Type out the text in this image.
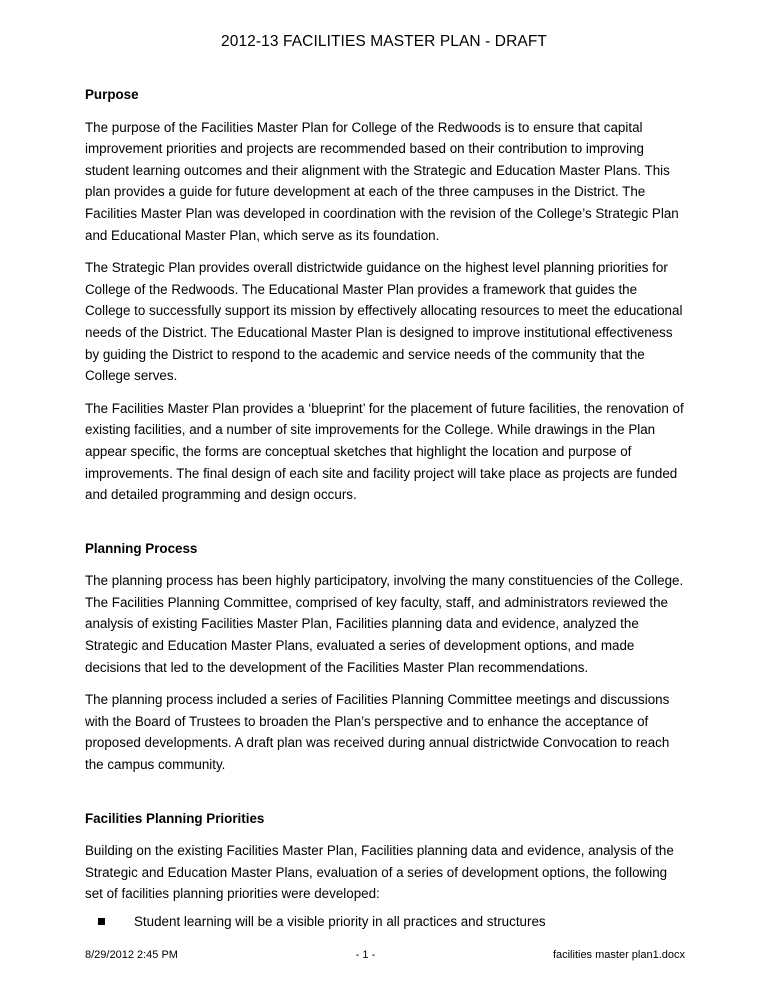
2012-13 FACILITIES MASTER PLAN - DRAFT

Purpose

The purpose of the Facilities Master Plan for College of the Redwoods is to ensure that capital improvement priorities and projects are recommended based on their contribution to improving student learning outcomes and their alignment with the Strategic and Education Master Plans. This plan provides a guide for future development at each of the three campuses in the District. The Facilities Master Plan was developed in coordination with the revision of the College’s Strategic Plan and Educational Master Plan, which serve as its foundation.

The Strategic Plan provides overall districtwide guidance on the highest level planning priorities for College of the Redwoods. The Educational Master Plan provides a framework that guides the College to successfully support its mission by effectively allocating resources to meet the educational needs of the District. The Educational Master Plan is designed to improve institutional effectiveness by guiding the District to respond to the academic and service needs of the community that the College serves.

The Facilities Master Plan provides a ‘blueprint’ for the placement of future facilities, the renovation of existing facilities, and a number of site improvements for the College. While drawings in the Plan appear specific, the forms are conceptual sketches that highlight the location and purpose of improvements. The final design of each site and facility project will take place as projects are funded and detailed programming and design occurs.

Planning Process

The planning process has been highly participatory, involving the many constituencies of the College. The Facilities Planning Committee, comprised of key faculty, staff, and administrators reviewed the analysis of existing Facilities Master Plan, Facilities planning data and evidence, analyzed the Strategic and Education Master Plans, evaluated a series of development options, and made decisions that led to the development of the Facilities Master Plan recommendations.

The planning process included a series of Facilities Planning Committee meetings and discussions with the Board of Trustees to broaden the Plan’s perspective and to enhance the acceptance of proposed developments. A draft plan was received during annual districtwide Convocation to reach the campus community.

Facilities Planning Priorities

Building on the existing Facilities Master Plan, Facilities planning data and evidence, analysis of the Strategic and Education Master Plans, evaluation of a series of development options, the following set of facilities planning priorities were developed:

Student learning will be a visible priority in all practices and structures
8/29/2012 2:45 PM	- 1 -	facilities master plan1.docx
